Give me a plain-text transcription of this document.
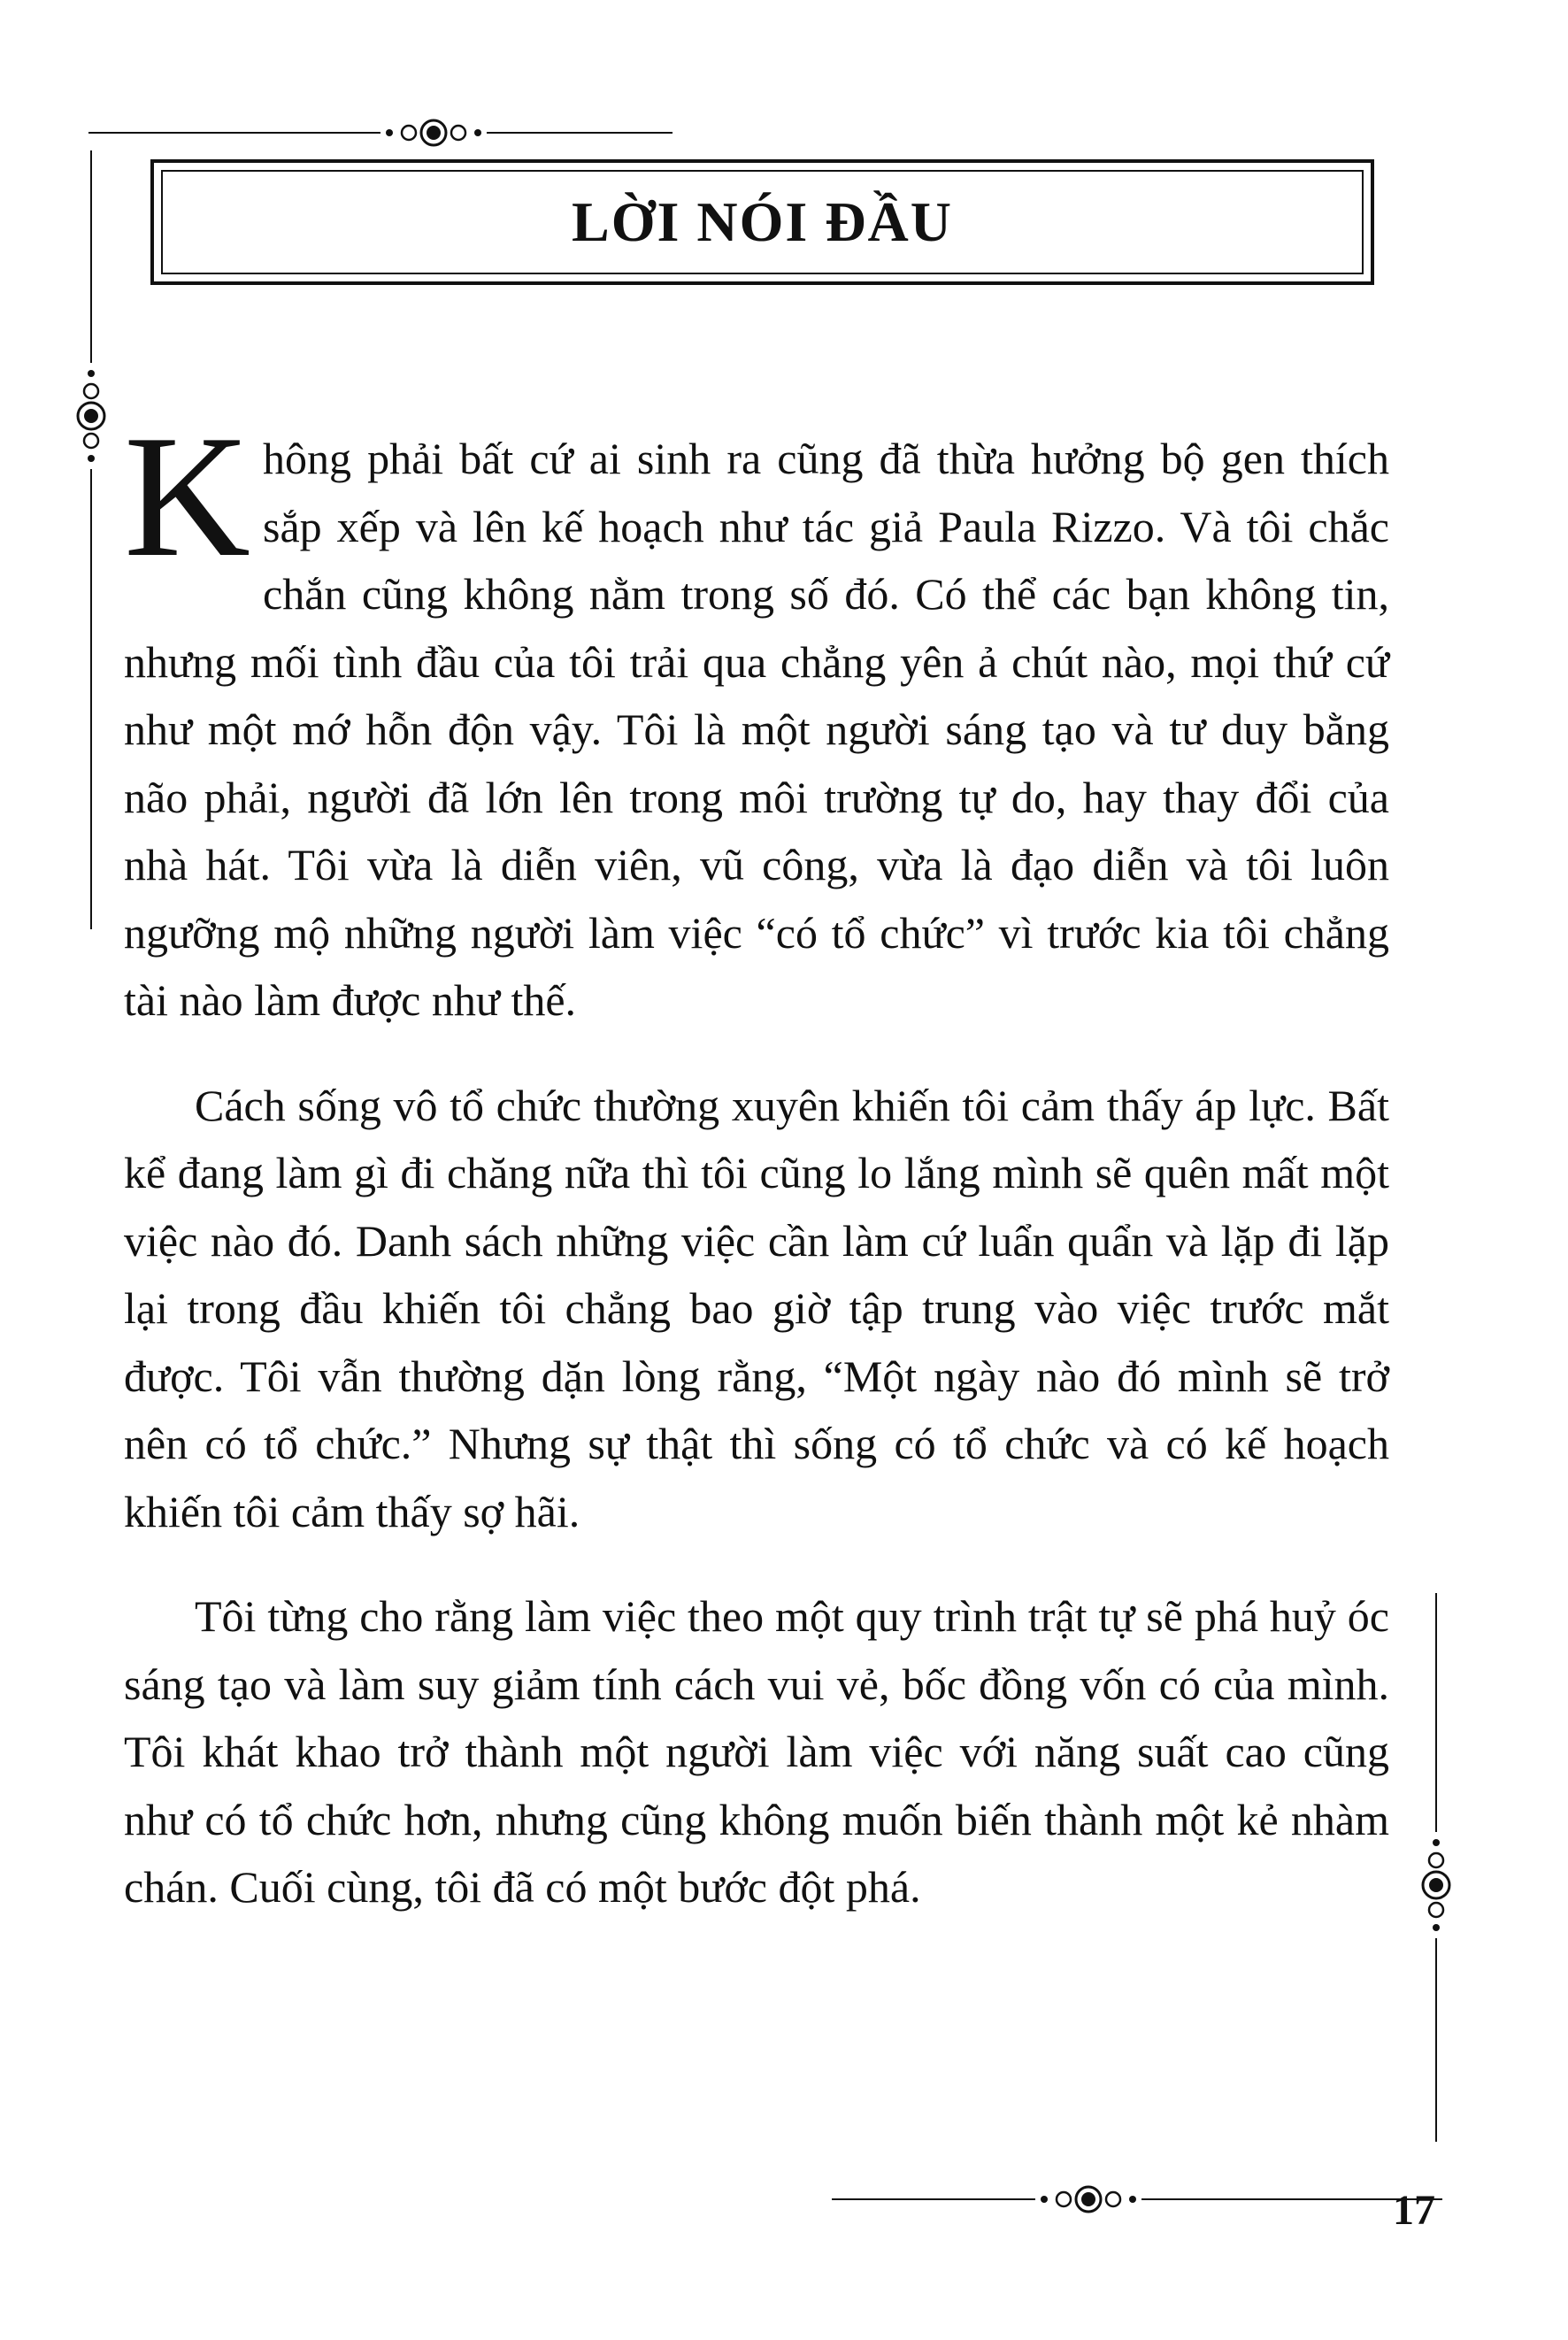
LỜI NÓI ĐẦU

Không phải bất cứ ai sinh ra cũng đã thừa hưởng bộ gen thích sắp xếp và lên kế hoạch như tác giả Paula Rizzo. Và tôi chắc chắn cũng không nằm trong số đó. Có thể các bạn không tin, nhưng mối tình đầu của tôi trải qua chẳng yên ả chút nào, mọi thứ cứ như một mớ hỗn độn vậy. Tôi là một người sáng tạo và tư duy bằng não phải, người đã lớn lên trong môi trường tự do, hay thay đổi của nhà hát. Tôi vừa là diễn viên, vũ công, vừa là đạo diễn và tôi luôn ngưỡng mộ những người làm việc “có tổ chức” vì trước kia tôi chẳng tài nào làm được như thế.

Cách sống vô tổ chức thường xuyên khiến tôi cảm thấy áp lực. Bất kể đang làm gì đi chăng nữa thì tôi cũng lo lắng mình sẽ quên mất một việc nào đó. Danh sách những việc cần làm cứ luẩn quẩn và lặp đi lặp lại trong đầu khiến tôi chẳng bao giờ tập trung vào việc trước mắt được. Tôi vẫn thường dặn lòng rằng, “Một ngày nào đó mình sẽ trở nên có tổ chức.” Nhưng sự thật thì sống có tổ chức và có kế hoạch khiến tôi cảm thấy sợ hãi.

Tôi từng cho rằng làm việc theo một quy trình trật tự sẽ phá huỷ óc sáng tạo và làm suy giảm tính cách vui vẻ, bốc đồng vốn có của mình. Tôi khát khao trở thành một người làm việc với năng suất cao cũng như có tổ chức hơn, nhưng cũng không muốn biến thành một kẻ nhàm chán. Cuối cùng, tôi đã có một bước đột phá.

17
